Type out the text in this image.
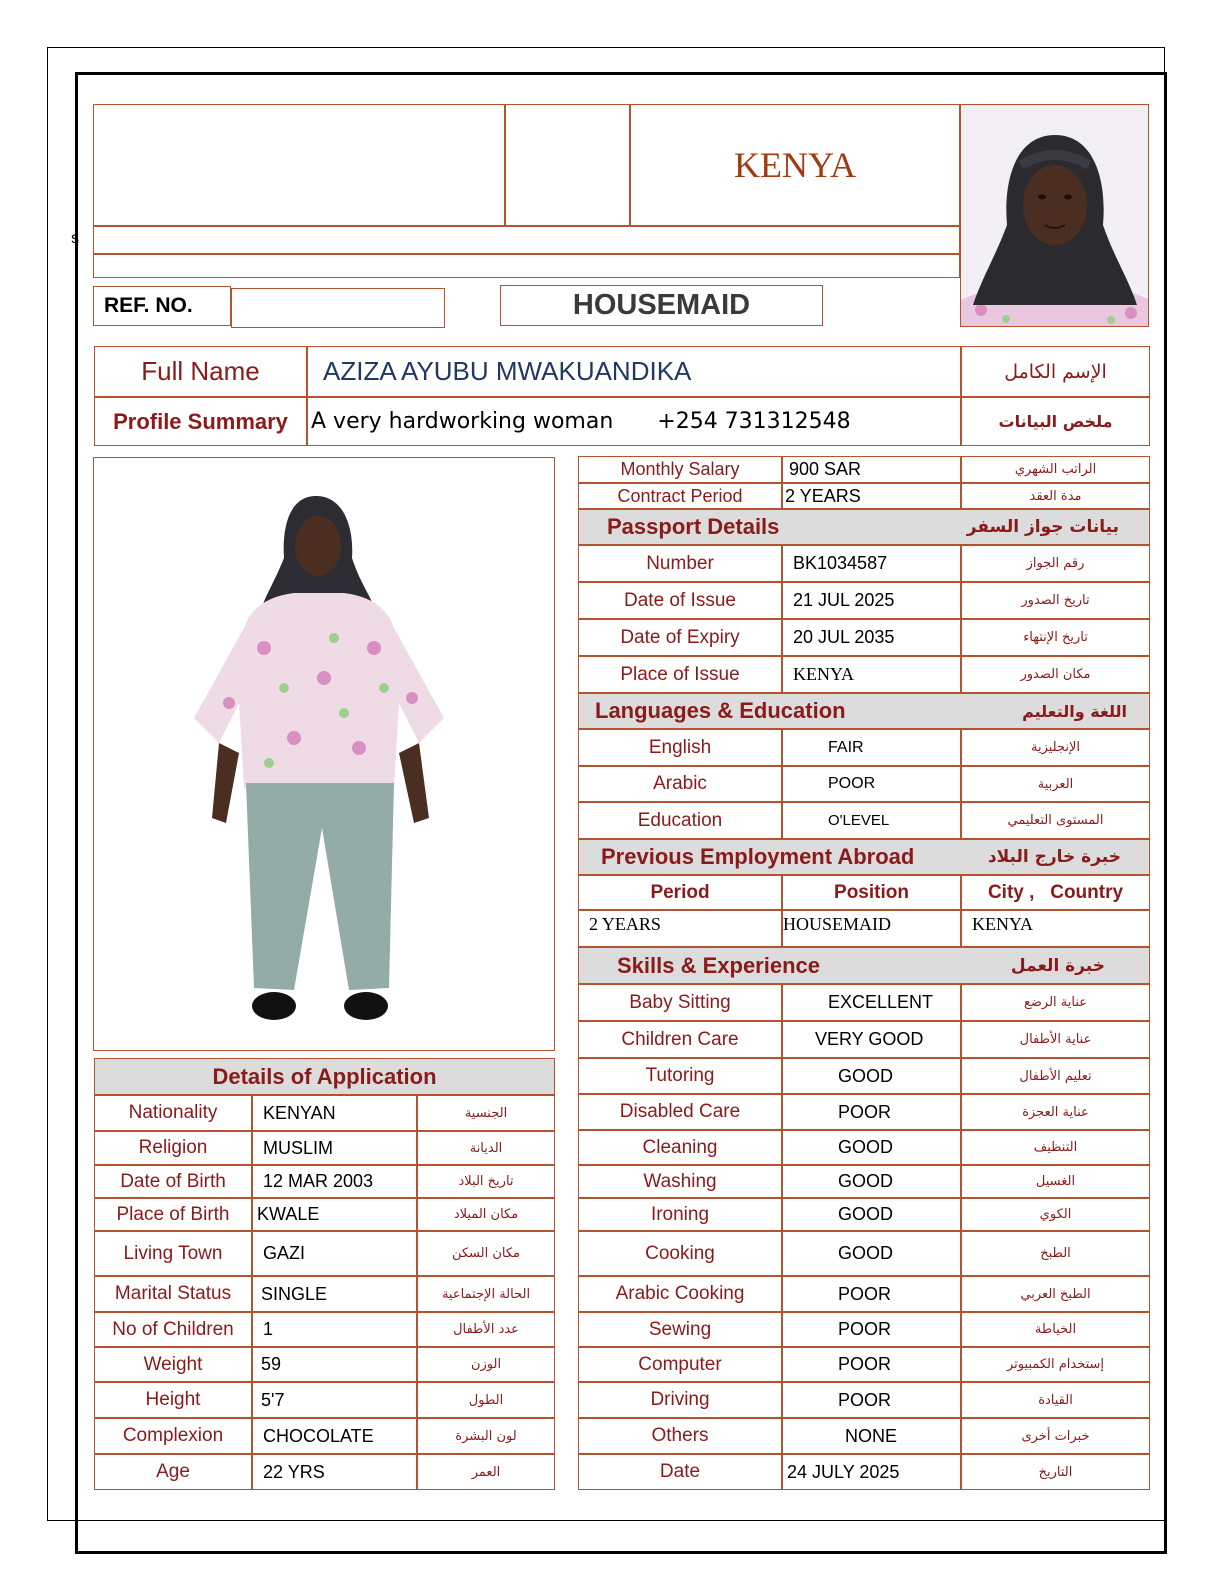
s
KENYA
REF. NO.	HOUSEMAID
Full Name	AZIZA AYUBU MWAKUANDIKA	الإسم الكامل
Profile Summary	A very hardworking woman +254 731312548	ملخص البيانات
Monthly Salary	900 SAR	الراتب الشهري
Contract Period 2 YEARS	مدة العقد
Passport Details	بيانات جواز السفر
Number	BK1034587	رقم الجواز
Date of Issue	21 JUL 2025	تاريخ الصدور
Date of Expiry	20 JUL 2035	تاريخ الإنتهاء
Place of Issue	KENYA	مكان الصدور
Languages & Education	اللغة والتعليم
English	FAIR	الإنجليزية
Arabic	POOR	العربية
Education	O'LEVEL	المستوى التعليمي
Previous Employment Abroad	خبرة خارج البلاد
Period	Position	City ,   Country
2 YEARS	HOUSEMAID	KENYA
Skills & Experience	خبرة العمل
Baby Sitting	EXCELLENT	عناية الرضع
Children Care	VERY GOOD	عناية الأطفال
Tutoring	GOOD	تعليم الأطفال
Disabled Care	POOR	عناية العجزة
Cleaning	GOOD	التنظيف
Washing	GOOD	الغسيل
Ironing	GOOD	الكوي
Cooking	GOOD	الطبخ
Arabic Cooking	POOR	الطبخ العربي
Sewing	POOR	الخياطة
Computer	POOR	إستخدام الكمبيوتر
Driving	POOR	القيادة
Others	NONE	خبرات أخرى
Date	24 JULY 2025	التاريخ
Details of Application
Nationality	KENYAN	الجنسية
Religion	MUSLIM	الديانة
Date of Birth 12 MAR 2003	تاريخ البلاد
Place of Birth KWALE	مكان الميلاد
Living Town GAZI	مكان السكن
Marital Status SINGLE	الحالة الإجتماعية
No of Children 1	عدد الأطفال
Weight	59	الوزن
Height	5'7	الطول
Complexion CHOCOLATE	لون البشرة
Age	22 YRS	العمر
